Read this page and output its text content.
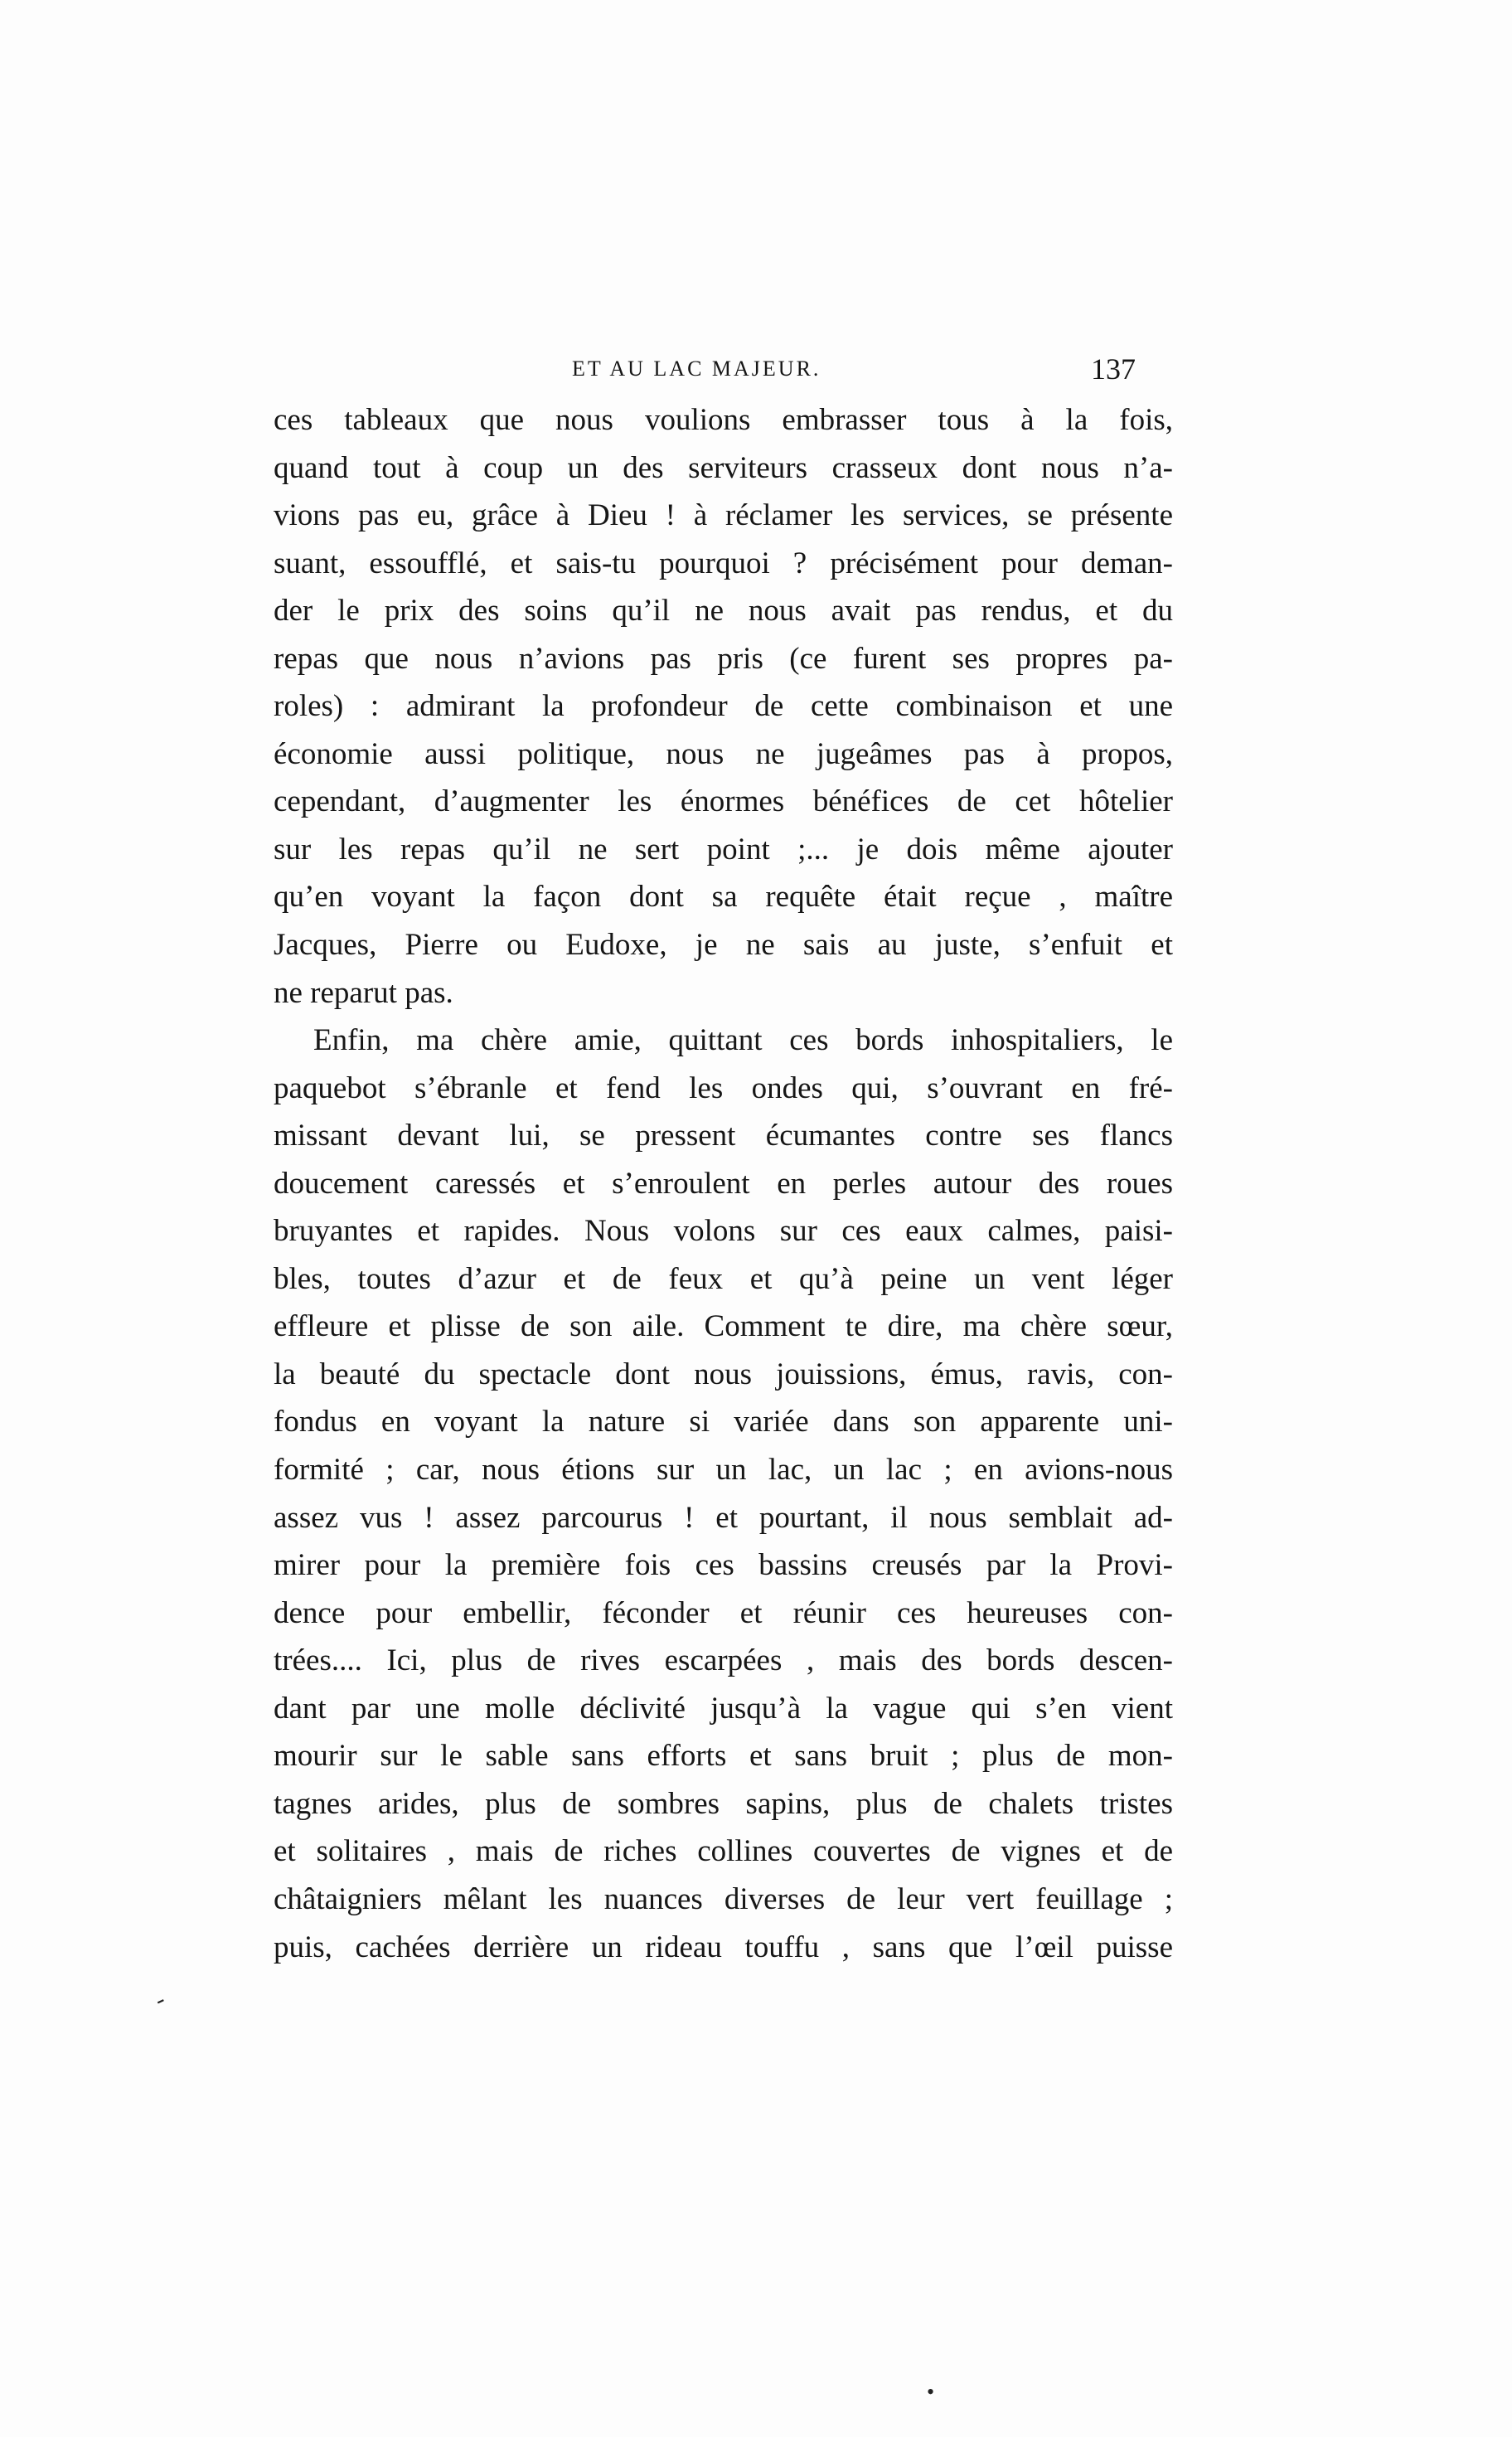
ET AU LAC MAJEUR.	137
ces tableaux que nous voulions embrasser tous à la fois,
quand tout à coup un des serviteurs crasseux dont nous n’a-
vions pas eu, grâce à Dieu ! à réclamer les services, se présente
suant, essoufflé, et sais-tu pourquoi ? précisément pour deman-
der le prix des soins qu’il ne nous avait pas rendus, et du
repas que nous n’avions pas pris (ce furent ses propres pa-
roles) : admirant la profondeur de cette combinaison et une
économie aussi politique, nous ne jugeâmes pas à propos,
cependant, d’augmenter les énormes bénéfices de cet hôtelier
sur les repas qu’il ne sert point ;... je dois même ajouter
qu’en voyant la façon dont sa requête était reçue , maître
Jacques, Pierre ou Eudoxe, je ne sais au juste, s’enfuit et
ne reparut pas.
Enfin, ma chère amie, quittant ces bords inhospitaliers, le
paquebot s’ébranle et fend les ondes qui, s’ouvrant en fré-
missant devant lui, se pressent écumantes contre ses flancs
doucement caressés et s’enroulent en perles autour des roues
bruyantes et rapides. Nous volons sur ces eaux calmes, paisi-
bles, toutes d’azur et de feux et qu’à peine un vent léger
effleure et plisse de son aile. Comment te dire, ma chère sœur,
la beauté du spectacle dont nous jouissions, émus, ravis, con-
fondus en voyant la nature si variée dans son apparente uni-
formité ; car, nous étions sur un lac, un lac ; en avions-nous
assez vus ! assez parcourus ! et pourtant, il nous semblait ad-
mirer pour la première fois ces bassins creusés par la Provi-
dence pour embellir, féconder et réunir ces heureuses con-
trées.... Ici, plus de rives escarpées , mais des bords descen-
dant par une molle déclivité jusqu’à la vague qui s’en vient
mourir sur le sable sans efforts et sans bruit ; plus de mon-
tagnes arides, plus de sombres sapins, plus de chalets tristes
et solitaires , mais de riches collines couvertes de vignes et de
châtaigniers mêlant les nuances diverses de leur vert feuillage ;
puis, cachées derrière un rideau touffu , sans que l’œil puisse
-
•
